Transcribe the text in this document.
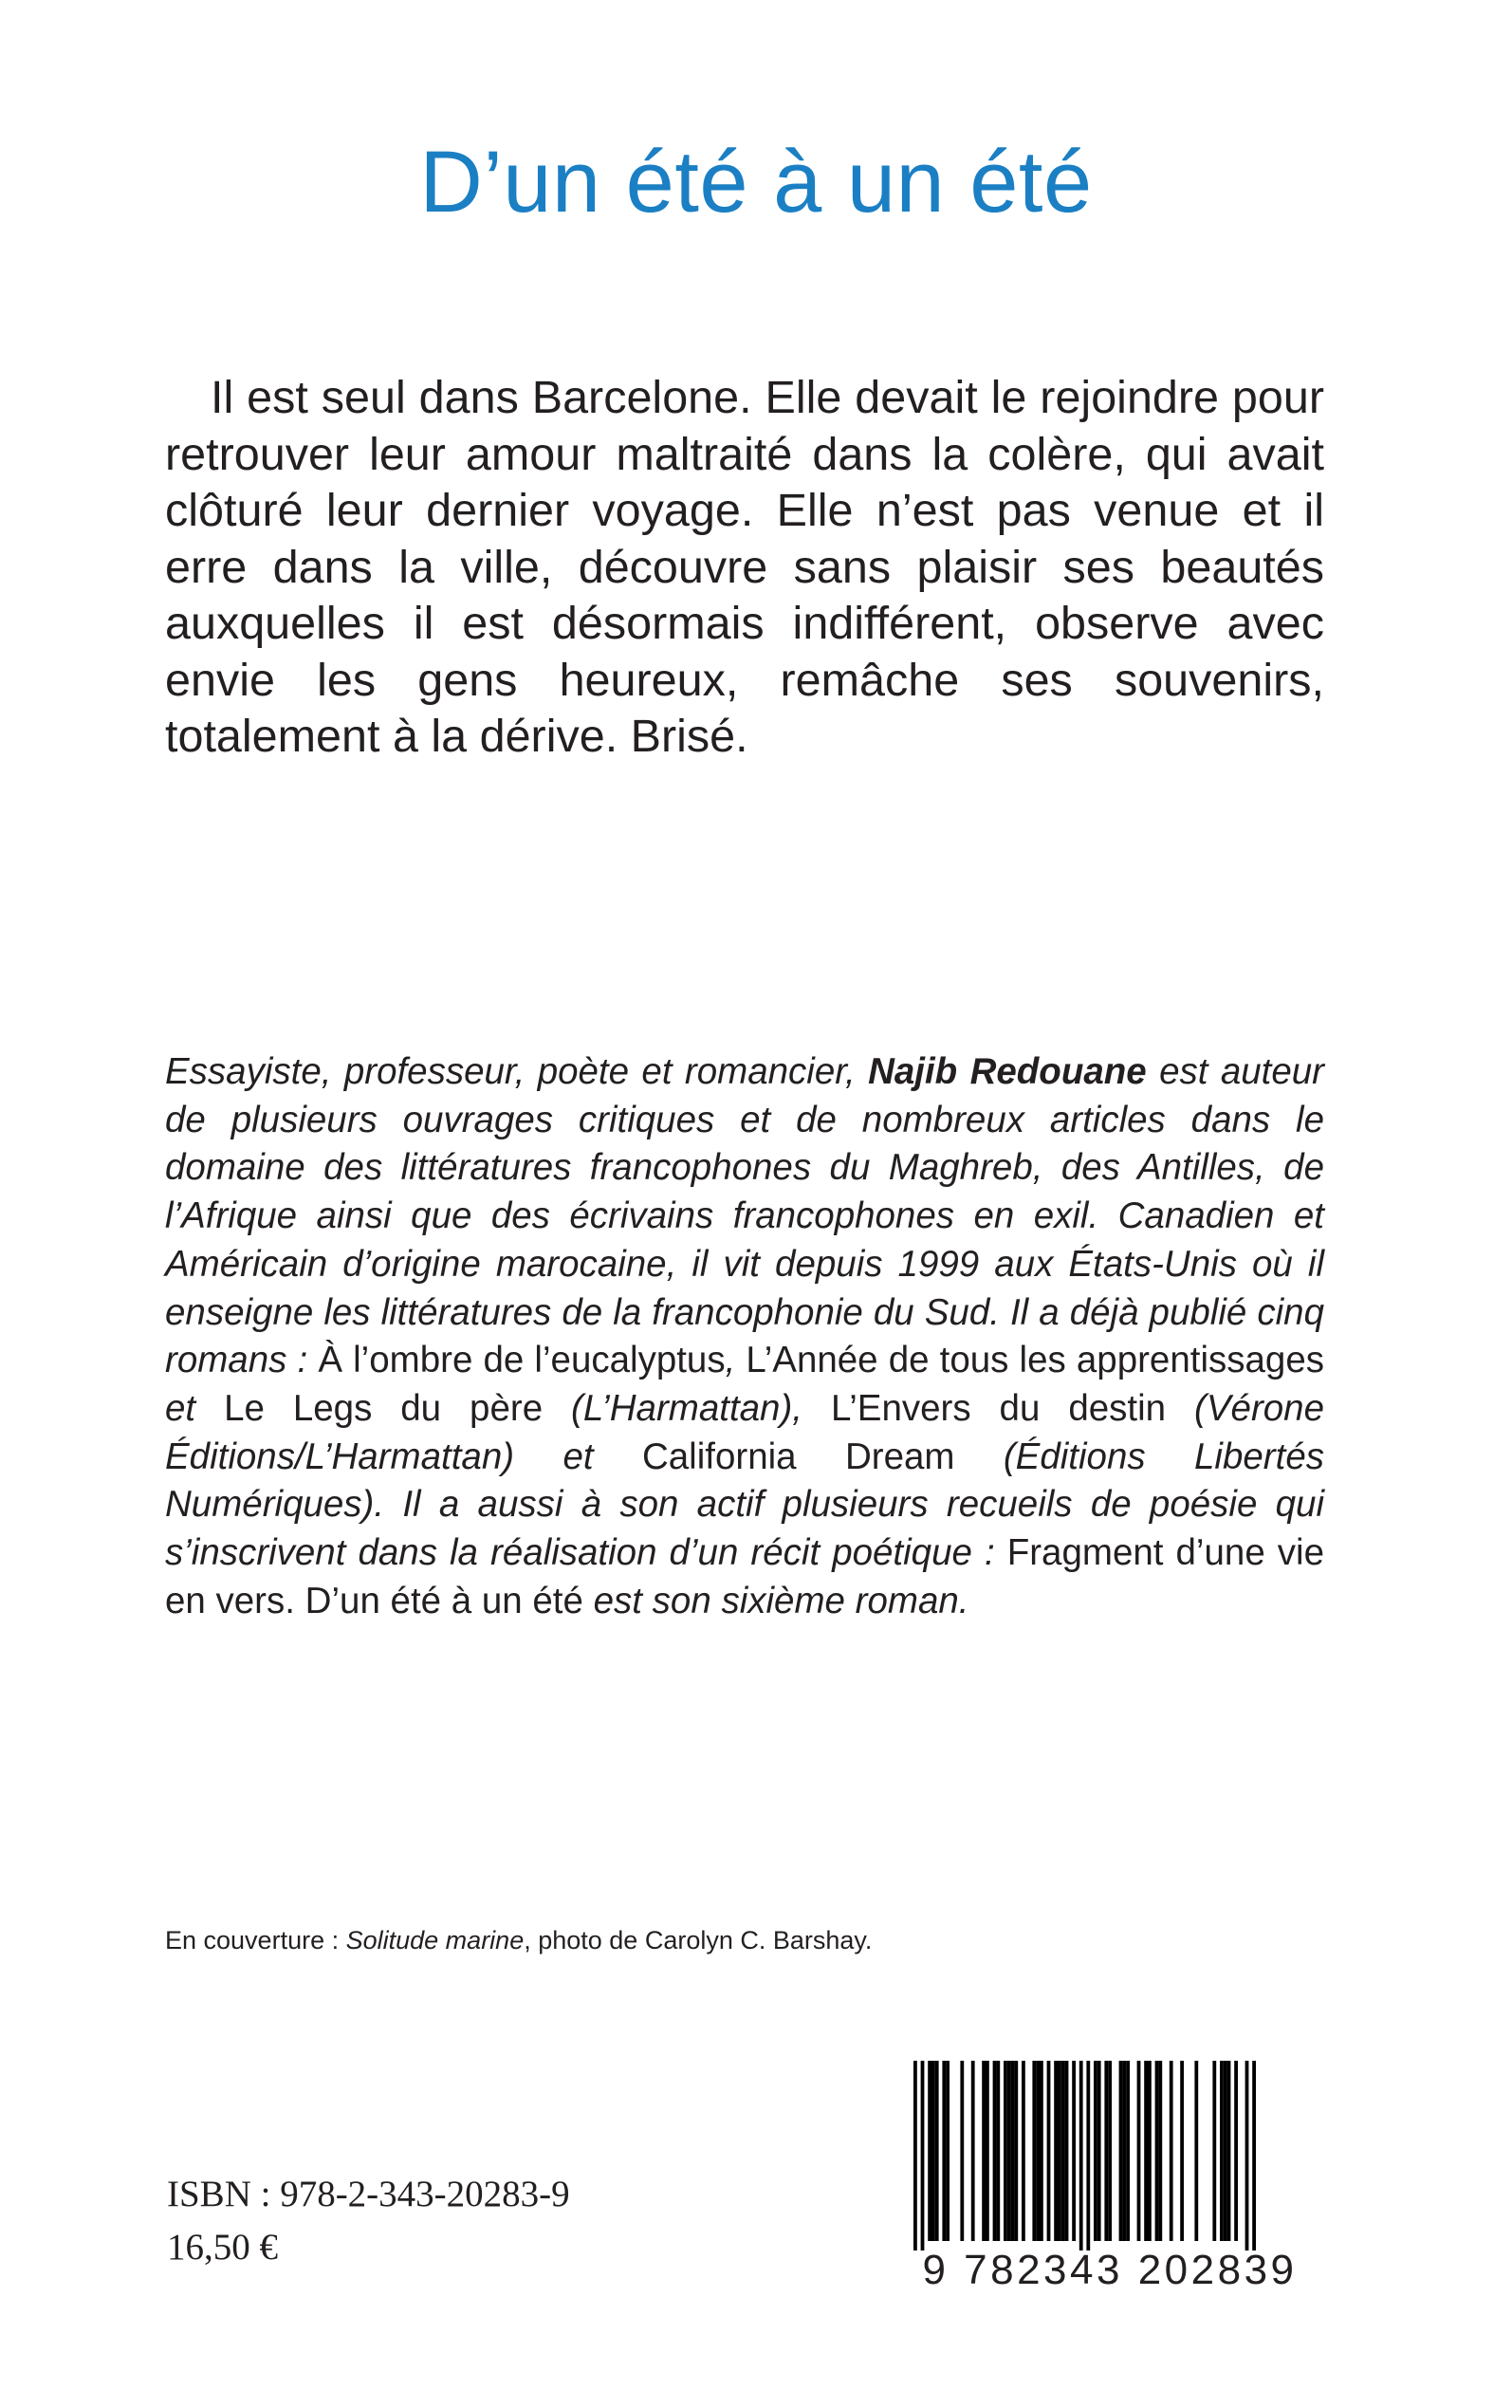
D’un été à un été

Il est seul dans Barcelone. Elle devait le rejoindre pour retrouver leur amour maltraité dans la colère, qui avait clôturé leur dernier voyage. Elle n’est pas venue et il erre dans la ville, découvre sans plaisir ses beautés auxquelles il est désormais indifférent, observe avec envie les gens heureux, remâche ses souvenirs, totalement à la dérive. Brisé.

Essayiste, professeur, poète et romancier, Najib Redouane est auteur de plusieurs ouvrages critiques et de nombreux articles dans le domaine des littératures francophones du Maghreb, des Antilles, de l’Afrique ainsi que des écrivains francophones en exil. Canadien et Américain d’origine marocaine, il vit depuis 1999 aux États-Unis où il enseigne les littératures de la francophonie du Sud. Il a déjà publié cinq romans : À l’ombre de l’eucalyptus, L’Année de tous les apprentissages et Le Legs du père (L’Harmattan), L’Envers du destin (Vérone Éditions/L’Harmattan) et California Dream (Éditions Libertés Numériques). Il a aussi à son actif plusieurs recueils de poésie qui s’inscrivent dans la réalisation d’un récit poétique : Fragment d’une vie en vers. D’un été à un été est son sixième roman.

En couverture : Solitude marine, photo de Carolyn C. Barshay.

ISBN : 978-2-343-20283-9

16,50 €	9 782343 202839
